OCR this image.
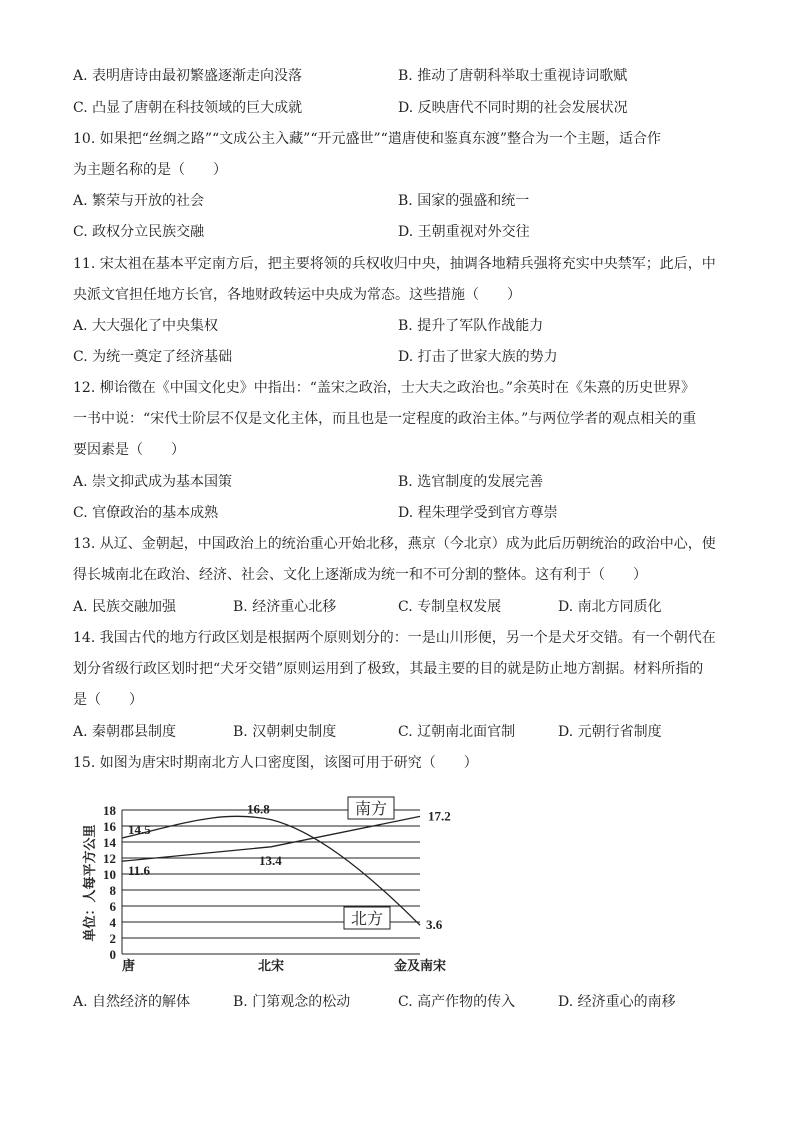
A. 表明唐诗由最初繁盛逐渐走向没落	B. 推动了唐朝科举取士重视诗词歌赋
C. 凸显了唐朝在科技领域的巨大成就	D. 反映唐代不同时期的社会发展状况
10. 如果把“丝绸之路”“文成公主入藏”“开元盛世”“遣唐使和鉴真东渡”整合为一个主题，适合作
为主题名称的是（　　）
A. 繁荣与开放的社会	B. 国家的强盛和统一
C. 政权分立民族交融	D. 王朝重视对外交往
11. 宋太祖在基本平定南方后，把主要将领的兵权收归中央，抽调各地精兵强将充实中央禁军；此后，中
央派文官担任地方长官，各地财政转运中央成为常态。这些措施（　　）
A. 大大强化了中央集权	B. 提升了军队作战能力
C. 为统一奠定了经济基础	D. 打击了世家大族的势力
12. 柳诒徵在《中国文化史》中指出：“盖宋之政治，士大夫之政治也。”余英时在《朱熹的历史世界》
一书中说：“宋代士阶层不仅是文化主体，而且也是一定程度的政治主体。”与两位学者的观点相关的重
要因素是（　　）
A. 崇文抑武成为基本国策	B. 选官制度的发展完善
C. 官僚政治的基本成熟	D. 程朱理学受到官方尊崇
13. 从辽、金朝起，中国政治上的统治重心开始北移，燕京（今北京）成为此后历朝统治的政治中心，使
得长城南北在政治、经济、社会、文化上逐渐成为统一和不可分割的整体。这有利于（　　）
A. 民族交融加强	B. 经济重心北移	C. 专制皇权发展	D. 南北方同质化
14. 我国古代的地方行政区划是根据两个原则划分的：一是山川形便，另一个是犬牙交错。有一个朝代在
划分省级行政区划时把“犬牙交错”原则运用到了极致，其最主要的目的就是防止地方割据。材料所指的
是（　　）
A. 秦朝郡县制度	B. 汉朝刺史制度	C. 辽朝南北面官制	D. 元朝行省制度
15. 如图为唐宋时期南北方人口密度图，该图可用于研究（　　）
单位：人每平方公里
0
2
4
6
8
10
12
14
16
18
唐	北宋	金及南宋
14.5
16.8
3.6
11.6
13.4
17.2
南方
北方
A. 自然经济的解体	B. 门第观念的松动	C. 高产作物的传入	D. 经济重心的南移
